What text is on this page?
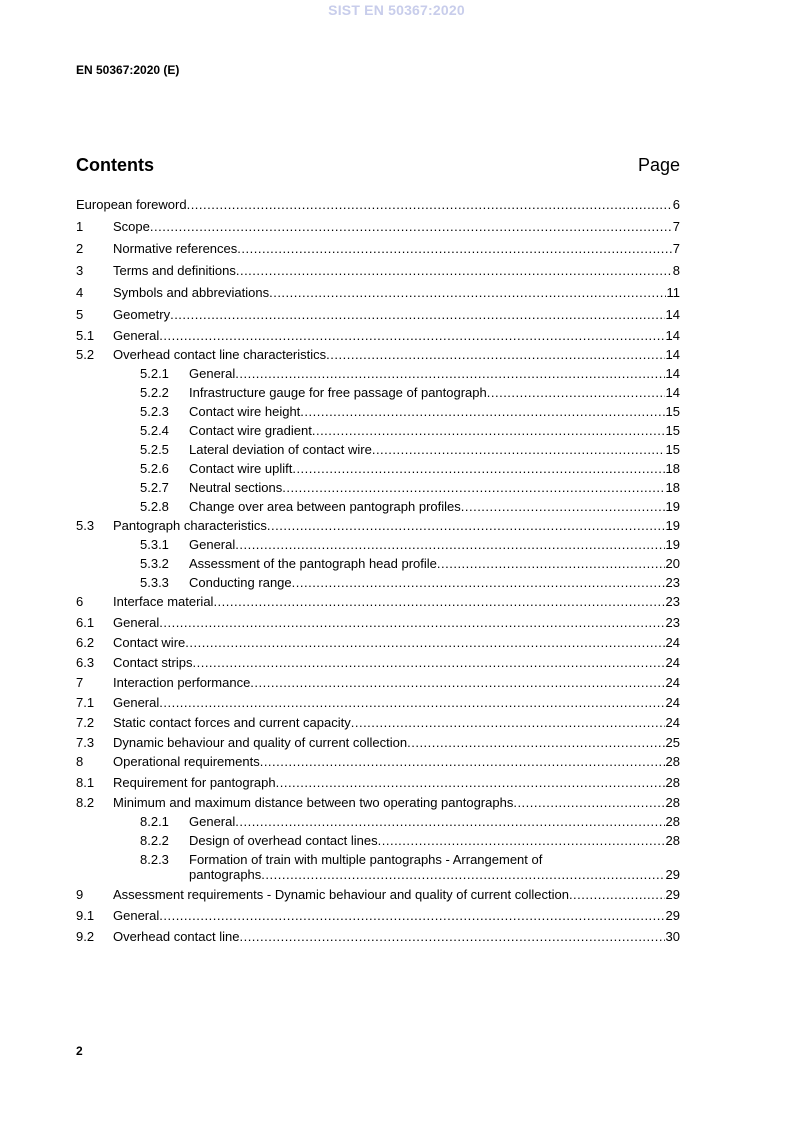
SIST EN 50367:2020
EN 50367:2020 (E)
Contents	Page
European foreword .....	6
1	Scope .....	7
2	Normative references .....	7
3	Terms and definitions .....	8
4	Symbols and abbreviations .....	11
5	Geometry .....	14
5.1	General .....	14
5.2	Overhead contact line characteristics .....	14
5.2.1	General .....	14
5.2.2	Infrastructure gauge for free passage of pantograph .....	14
5.2.3	Contact wire height .....	15
5.2.4	Contact wire gradient .....	15
5.2.5	Lateral deviation of contact wire .....	15
5.2.6	Contact wire uplift .....	18
5.2.7	Neutral sections .....	18
5.2.8	Change over area between pantograph profiles .....	19
5.3	Pantograph characteristics .....	19
5.3.1	General .....	19
5.3.2	Assessment of the pantograph head profile .....	20
5.3.3	Conducting range .....	23
6	Interface material .....	23
6.1	General .....	23
6.2	Contact wire .....	24
6.3	Contact strips .....	24
7	Interaction performance .....	24
7.1	General .....	24
7.2	Static contact forces and current capacity .....	24
7.3	Dynamic behaviour and quality of current collection .....	25
8	Operational requirements .....	28
8.1	Requirement for pantograph .....	28
8.2	Minimum and maximum distance between two operating pantographs .....	28
8.2.1	General .....	28
8.2.2	Design of overhead contact lines .....	28
8.2.3	Formation of train with multiple pantographs - Arrangement of
pantographs .....	29
9	Assessment requirements - Dynamic behaviour and quality of current collection .....	29
9.1	General .....	29
9.2	Overhead contact line .....	30
2
